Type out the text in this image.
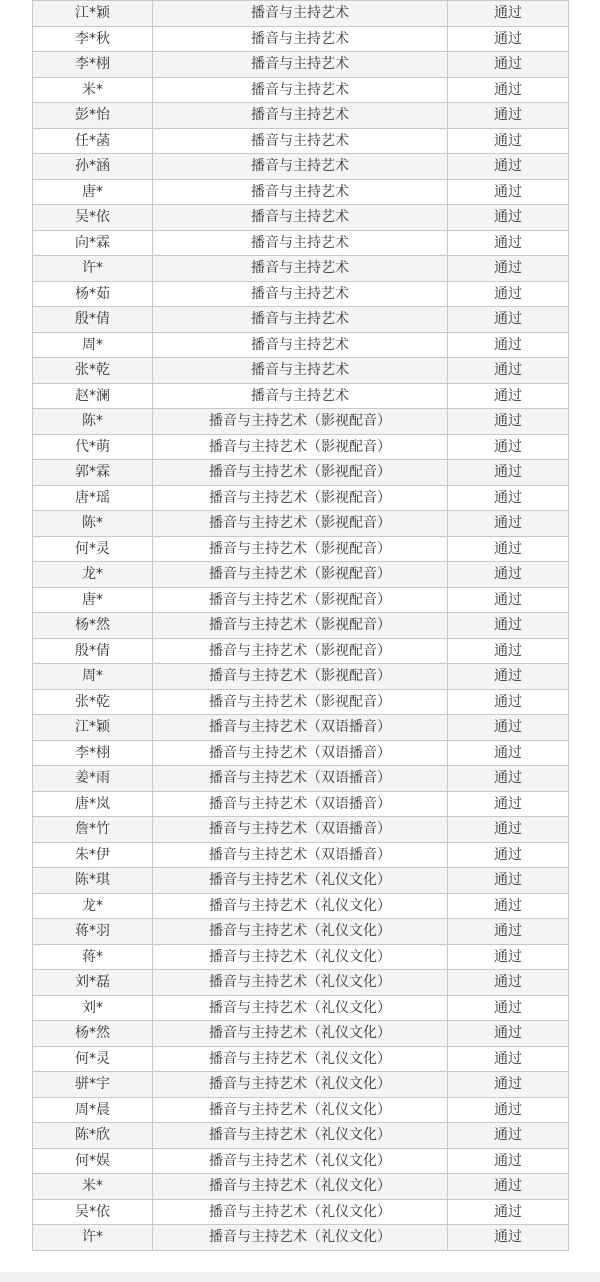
江*颖	播音与主持艺术	通过
李*秋	播音与主持艺术	通过
李*栩	播音与主持艺术	通过
米*	播音与主持艺术	通过
彭*怡	播音与主持艺术	通过
任*菡	播音与主持艺术	通过
孙*涵	播音与主持艺术	通过
唐*	播音与主持艺术	通过
吴*依	播音与主持艺术	通过
向*霖	播音与主持艺术	通过
许*	播音与主持艺术	通过
杨*茹	播音与主持艺术	通过
殷*倩	播音与主持艺术	通过
周*	播音与主持艺术	通过
张*乾	播音与主持艺术	通过
赵*澜	播音与主持艺术	通过
陈*	播音与主持艺术（影视配音）	通过
代*萌	播音与主持艺术（影视配音）	通过
郭*霖	播音与主持艺术（影视配音）	通过
唐*瑶	播音与主持艺术（影视配音）	通过
陈*	播音与主持艺术（影视配音）	通过
何*灵	播音与主持艺术（影视配音）	通过
龙*	播音与主持艺术（影视配音）	通过
唐*	播音与主持艺术（影视配音）	通过
杨*然	播音与主持艺术（影视配音）	通过
殷*倩	播音与主持艺术（影视配音）	通过
周*	播音与主持艺术（影视配音）	通过
张*乾	播音与主持艺术（影视配音）	通过
江*颖	播音与主持艺术（双语播音）	通过
李*栩	播音与主持艺术（双语播音）	通过
姜*雨	播音与主持艺术（双语播音）	通过
唐*岚	播音与主持艺术（双语播音）	通过
詹*竹	播音与主持艺术（双语播音）	通过
朱*伊	播音与主持艺术（双语播音）	通过
陈*琪	播音与主持艺术（礼仪文化）	通过
龙*	播音与主持艺术（礼仪文化）	通过
蒋*羽	播音与主持艺术（礼仪文化）	通过
蒋*	播音与主持艺术（礼仪文化）	通过
刘*磊	播音与主持艺术（礼仪文化）	通过
刘*	播音与主持艺术（礼仪文化）	通过
杨*然	播音与主持艺术（礼仪文化）	通过
何*灵	播音与主持艺术（礼仪文化）	通过
骈*宇	播音与主持艺术（礼仪文化）	通过
周*晨	播音与主持艺术（礼仪文化）	通过
陈*欣	播音与主持艺术（礼仪文化）	通过
何*娱	播音与主持艺术（礼仪文化）	通过
米*	播音与主持艺术（礼仪文化）	通过
吴*依	播音与主持艺术（礼仪文化）	通过
许*	播音与主持艺术（礼仪文化）	通过
